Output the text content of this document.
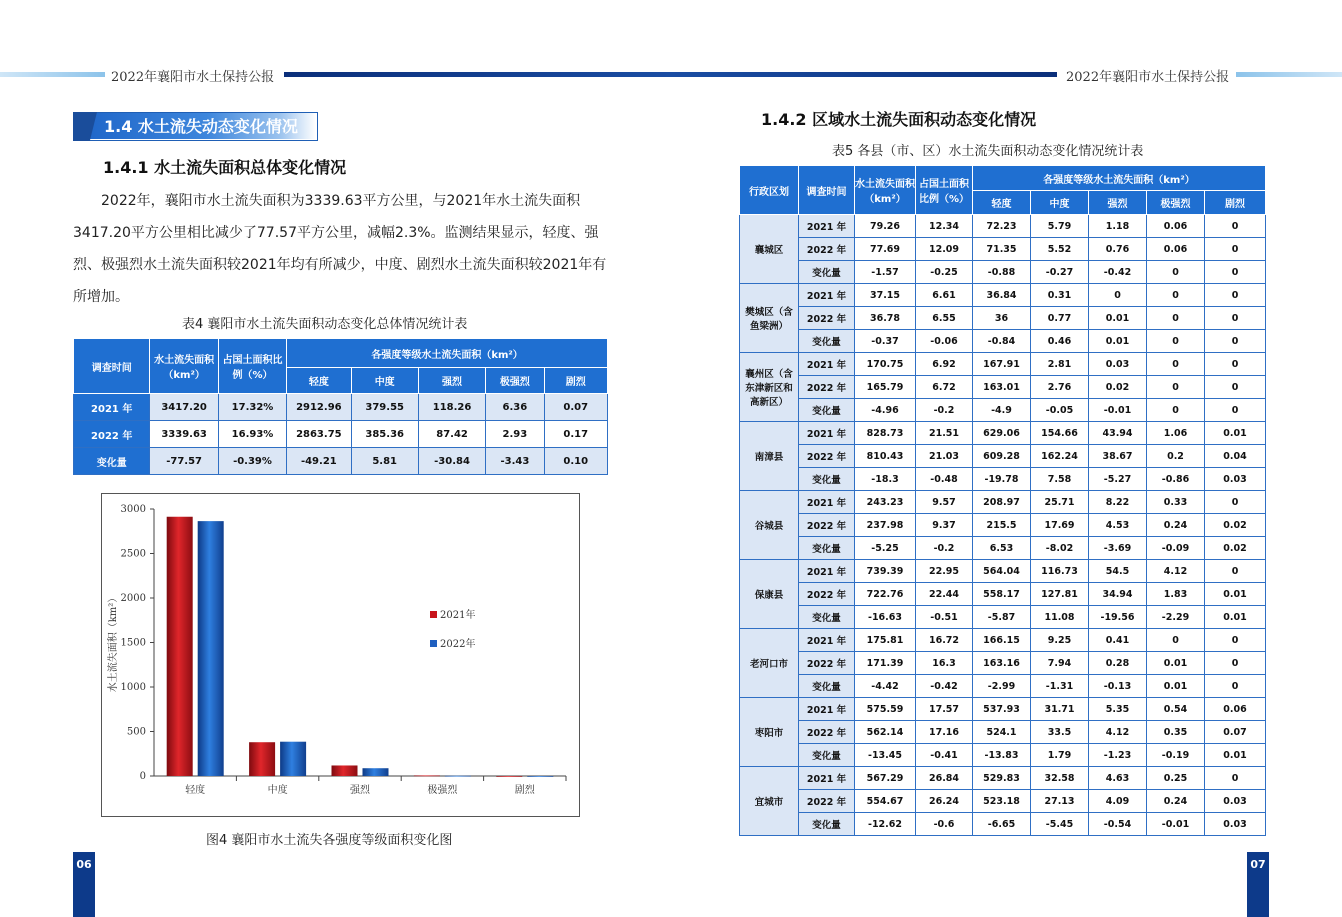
2022年襄阳市水土保持公报	2022年襄阳市水土保持公报
1.4 水土流失动态变化情况
1.4.1 水土流失面积总体变化情况
2022年，襄阳市水土流失面积为3339.63平方公里，与2021年水土流失面积
3417.20平方公里相比减少了77.57平方公里，减幅2.3%。监测结果显示，轻度、强
烈、极强烈水土流失面积较2021年均有所减少，中度、剧烈水土流失面积较2021年有
所增加。
表4 襄阳市水土流失面积动态变化总体情况统计表
调查时间	水土流失面积（km²）	占国土面积比例（%）	各强度等级水土流失面积（km²）				
			轻度	中度	强烈	极强烈	剧烈
2021 年	3417.20	17.32%	2912.96	379.55	118.26	6.36	0.07
2022 年	3339.63	16.93%	2863.75	385.36	87.42	2.93	0.17
变化量	-77.57	-0.39%	-49.21	5.81	-30.84	-3.43	0.10
0
500
1000
1500
2000
2500
3000
水土流失面积（km²）
轻度	中度	强烈	极强烈	剧烈
2021年
2022年
图4 襄阳市水土流失各强度等级面积变化图
06
1.4.2 区域水土流失面积动态变化情况
表5 各县（市、区）水土流失面积动态变化情况统计表
行政区划	调查时间	水土流失面积（km²）	占国土面积比例（%）	各强度等级水土流失面积（km²）				
				轻度	中度	强烈	极强烈	剧烈
襄城区	2021 年	79.26	12.34	72.23	5.79	1.18	0.06	0
	2022 年	77.69	12.09	71.35	5.52	0.76	0.06	0
	变化量	-1.57	-0.25	-0.88	-0.27	-0.42	0	0
樊城区（含鱼梁洲）	2021 年	37.15	6.61	36.84	0.31	0	0	0
	2022 年	36.78	6.55	36	0.77	0.01	0	0
	变化量	-0.37	-0.06	-0.84	0.46	0.01	0	0
襄州区（含东津新区和高新区）	2021 年	170.75	6.92	167.91	2.81	0.03	0	0
	2022 年	165.79	6.72	163.01	2.76	0.02	0	0
	变化量	-4.96	-0.2	-4.9	-0.05	-0.01	0	0
南漳县	2021 年	828.73	21.51	629.06	154.66	43.94	1.06	0.01
	2022 年	810.43	21.03	609.28	162.24	38.67	0.2	0.04
	变化量	-18.3	-0.48	-19.78	7.58	-5.27	-0.86	0.03
谷城县	2021 年	243.23	9.57	208.97	25.71	8.22	0.33	0
	2022 年	237.98	9.37	215.5	17.69	4.53	0.24	0.02
	变化量	-5.25	-0.2	6.53	-8.02	-3.69	-0.09	0.02
保康县	2021 年	739.39	22.95	564.04	116.73	54.5	4.12	0
	2022 年	722.76	22.44	558.17	127.81	34.94	1.83	0.01
	变化量	-16.63	-0.51	-5.87	11.08	-19.56	-2.29	0.01
老河口市	2021 年	175.81	16.72	166.15	9.25	0.41	0	0
	2022 年	171.39	16.3	163.16	7.94	0.28	0.01	0
	变化量	-4.42	-0.42	-2.99	-1.31	-0.13	0.01	0
枣阳市	2021 年	575.59	17.57	537.93	31.71	5.35	0.54	0.06
	2022 年	562.14	17.16	524.1	33.5	4.12	0.35	0.07
	变化量	-13.45	-0.41	-13.83	1.79	-1.23	-0.19	0.01
宜城市	2021 年	567.29	26.84	529.83	32.58	4.63	0.25	0
	2022 年	554.67	26.24	523.18	27.13	4.09	0.24	0.03
	变化量	-12.62	-0.6	-6.65	-5.45	-0.54	-0.01	0.03
07
